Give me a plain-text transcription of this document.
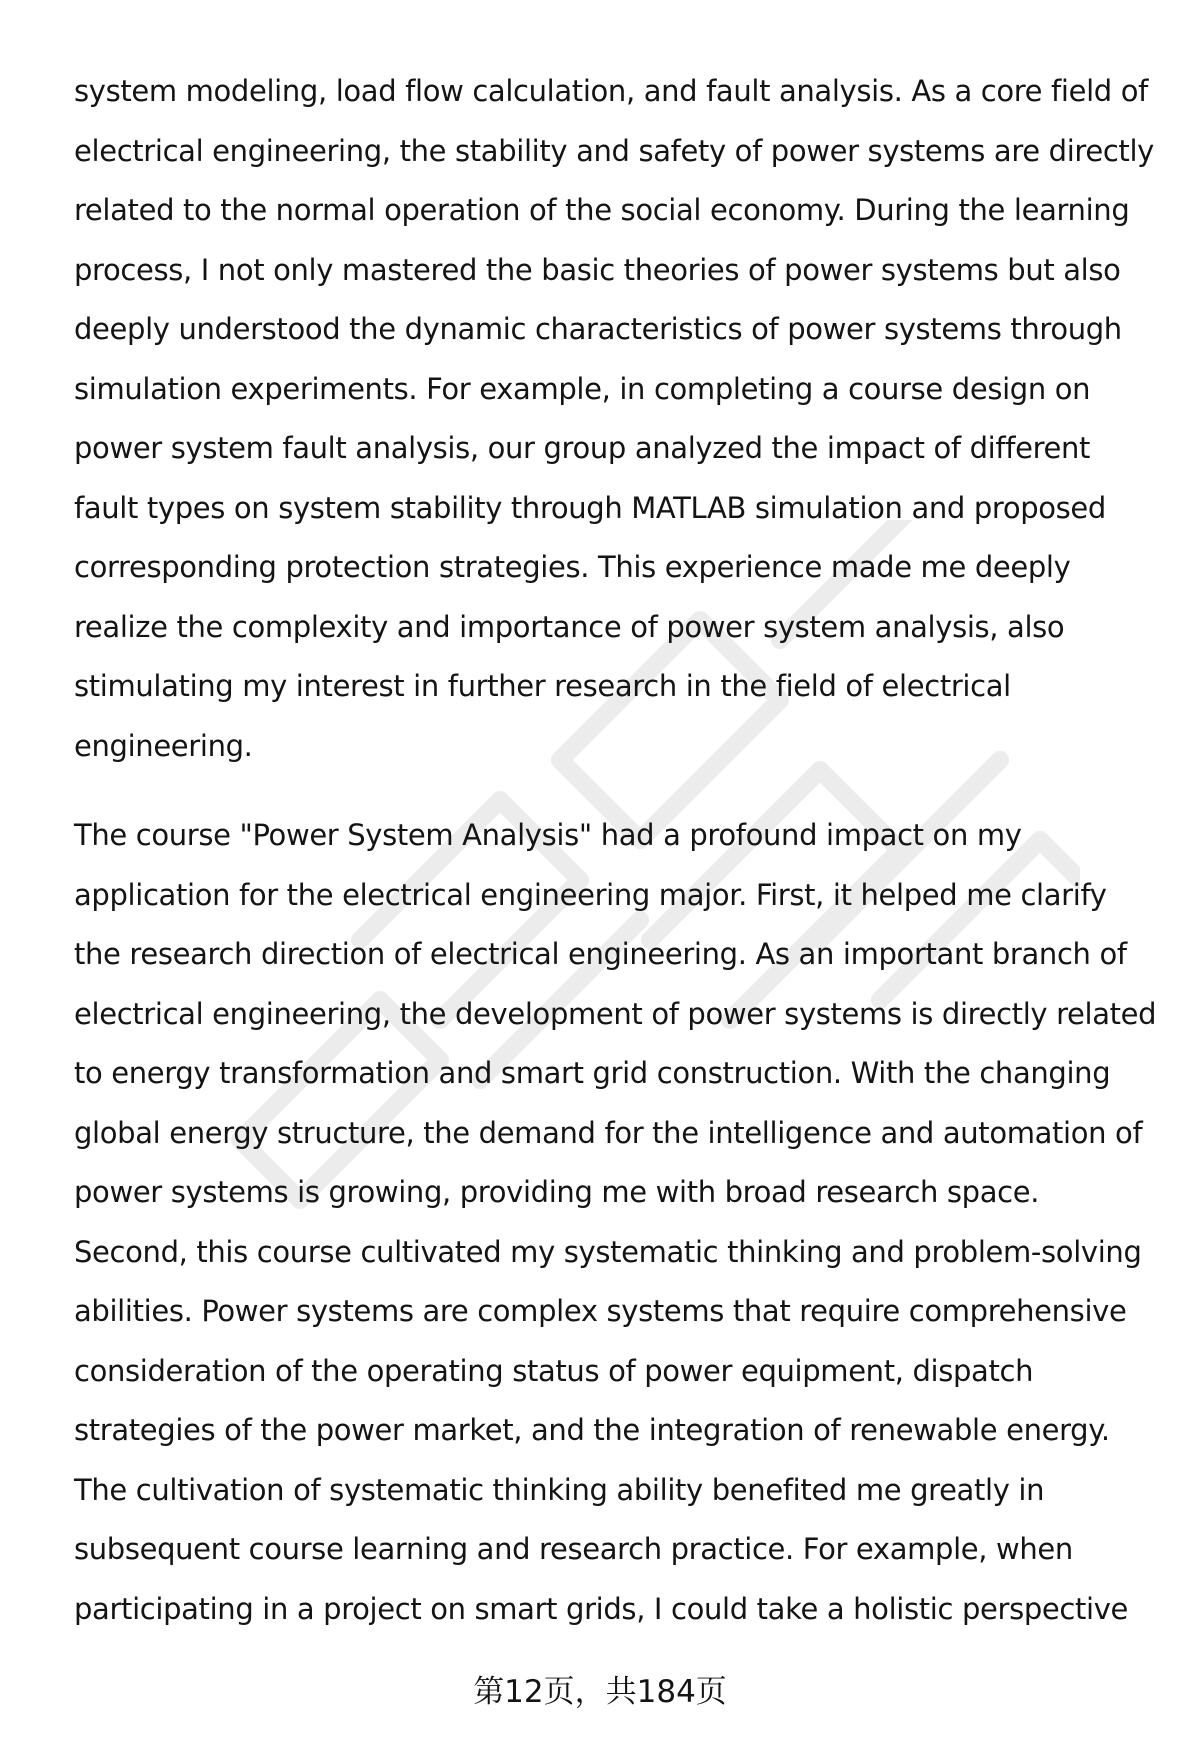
system modeling, load flow calculation, and fault analysis. As a core field of
electrical engineering, the stability and safety of power systems are directly
related to the normal operation of the social economy. During the learning
process, I not only mastered the basic theories of power systems but also
deeply understood the dynamic characteristics of power systems through
simulation experiments. For example, in completing a course design on
power system fault analysis, our group analyzed the impact of different
fault types on system stability through MATLAB simulation and proposed
corresponding protection strategies. This experience made me deeply
realize the complexity and importance of power system analysis, also
stimulating my interest in further research in the field of electrical
engineering.
The course "Power System Analysis" had a profound impact on my
application for the electrical engineering major. First, it helped me clarify
the research direction of electrical engineering. As an important branch of
electrical engineering, the development of power systems is directly related
to energy transformation and smart grid construction. With the changing
global energy structure, the demand for the intelligence and automation of
power systems is growing, providing me with broad research space.
Second, this course cultivated my systematic thinking and problem-solving
abilities. Power systems are complex systems that require comprehensive
consideration of the operating status of power equipment, dispatch
strategies of the power market, and the integration of renewable energy.
The cultivation of systematic thinking ability benefited me greatly in
subsequent course learning and research practice. For example, when
participating in a project on smart grids, I could take a holistic perspective
第12页，共184页
